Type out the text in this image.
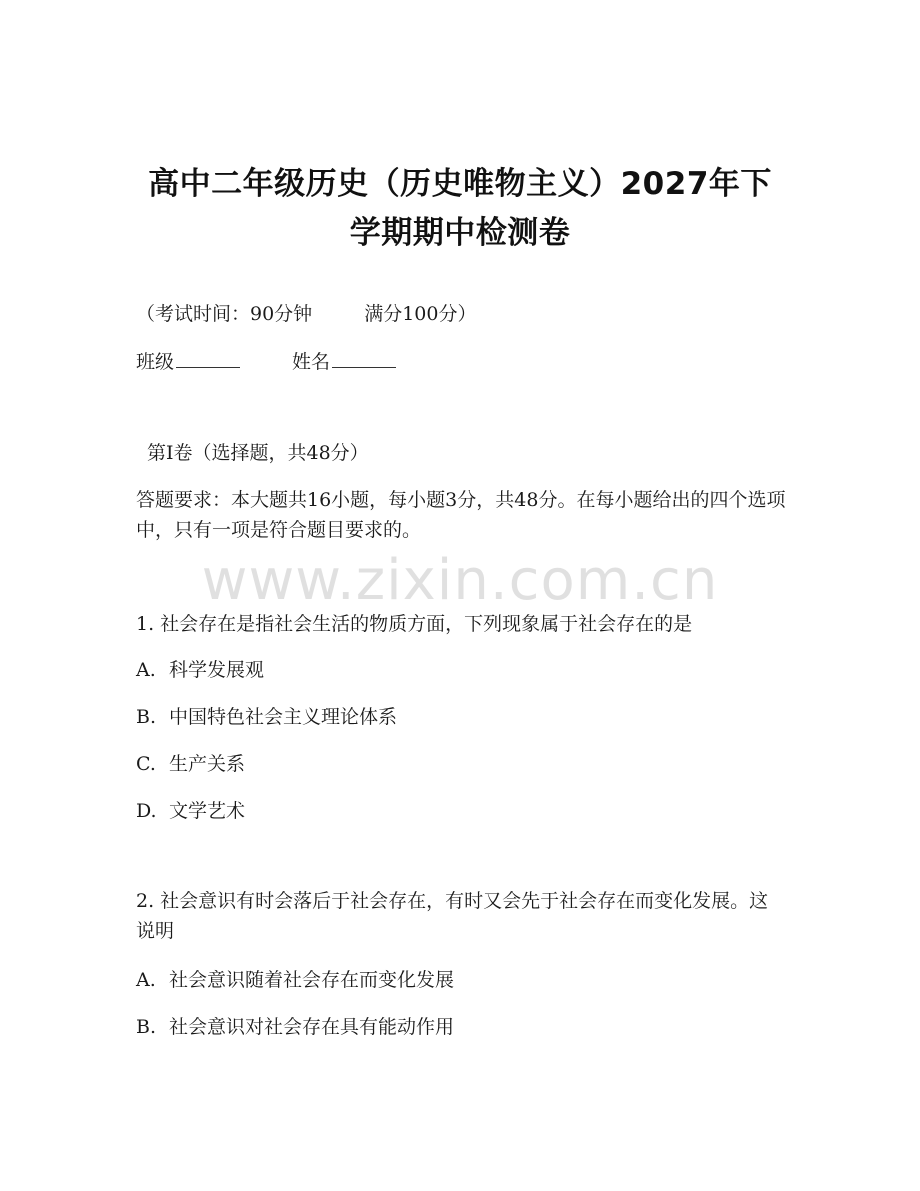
高中二年级历史（历史唯物主义）2027年下
学期期中检测卷

（考试时间：90分钟	满分100分）

班级	姓名

第Ⅰ卷（选择题，共48分）

答题要求：本大题共16小题，每小题3分，共48分。在每小题给出的四个选项中，只有一项是符合题目要求的。

www.zixin.com.cn

1. 社会存在是指社会生活的物质方面，下列现象属于社会存在的是

A. 科学发展观

B. 中国特色社会主义理论体系

C. 生产关系

D. 文学艺术

2. 社会意识有时会落后于社会存在，有时又会先于社会存在而变化发展。这说明

A. 社会意识随着社会存在而变化发展

B. 社会意识对社会存在具有能动作用
